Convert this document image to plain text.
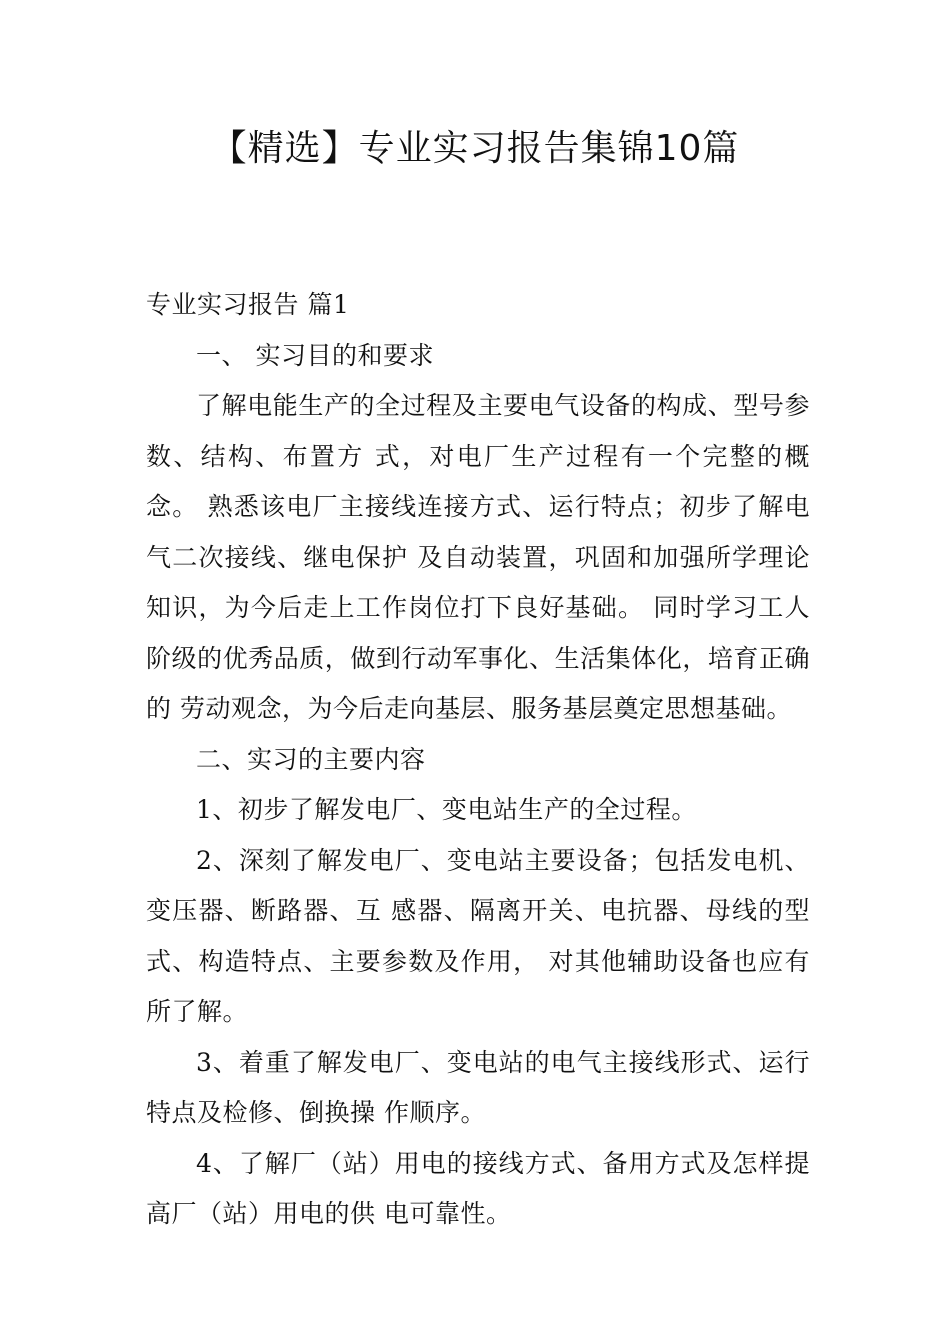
【精选】专业实习报告集锦10篇

专业实习报告 篇1

一、 实习目的和要求

了解电能生产的全过程及主要电气设备的构成、型号参数、结构、布置方 式，对电厂生产过程有一个完整的概念。 熟悉该电厂主接线连接方式、运行特点；初步了解电气二次接线、继电保护 及自动装置，巩固和加强所学理论知识，为今后走上工作岗位打下良好基础。 同时学习工人阶级的优秀品质，做到行动军事化、生活集体化，培育正确的 劳动观念，为今后走向基层、服务基层奠定思想基础。

二、实习的主要内容

1、初步了解发电厂、变电站生产的全过程。

2、深刻了解发电厂、变电站主要设备；包括发电机、变压器、断路器、互 感器、隔离开关、电抗器、母线的型式、构造特点、主要参数及作用， 对其他辅助设备也应有所了解。

3、着重了解发电厂、变电站的电气主接线形式、运行特点及检修、倒换操 作顺序。

4、了解厂（站）用电的接线方式、备用方式及怎样提高厂（站）用电的供 电可靠性。
